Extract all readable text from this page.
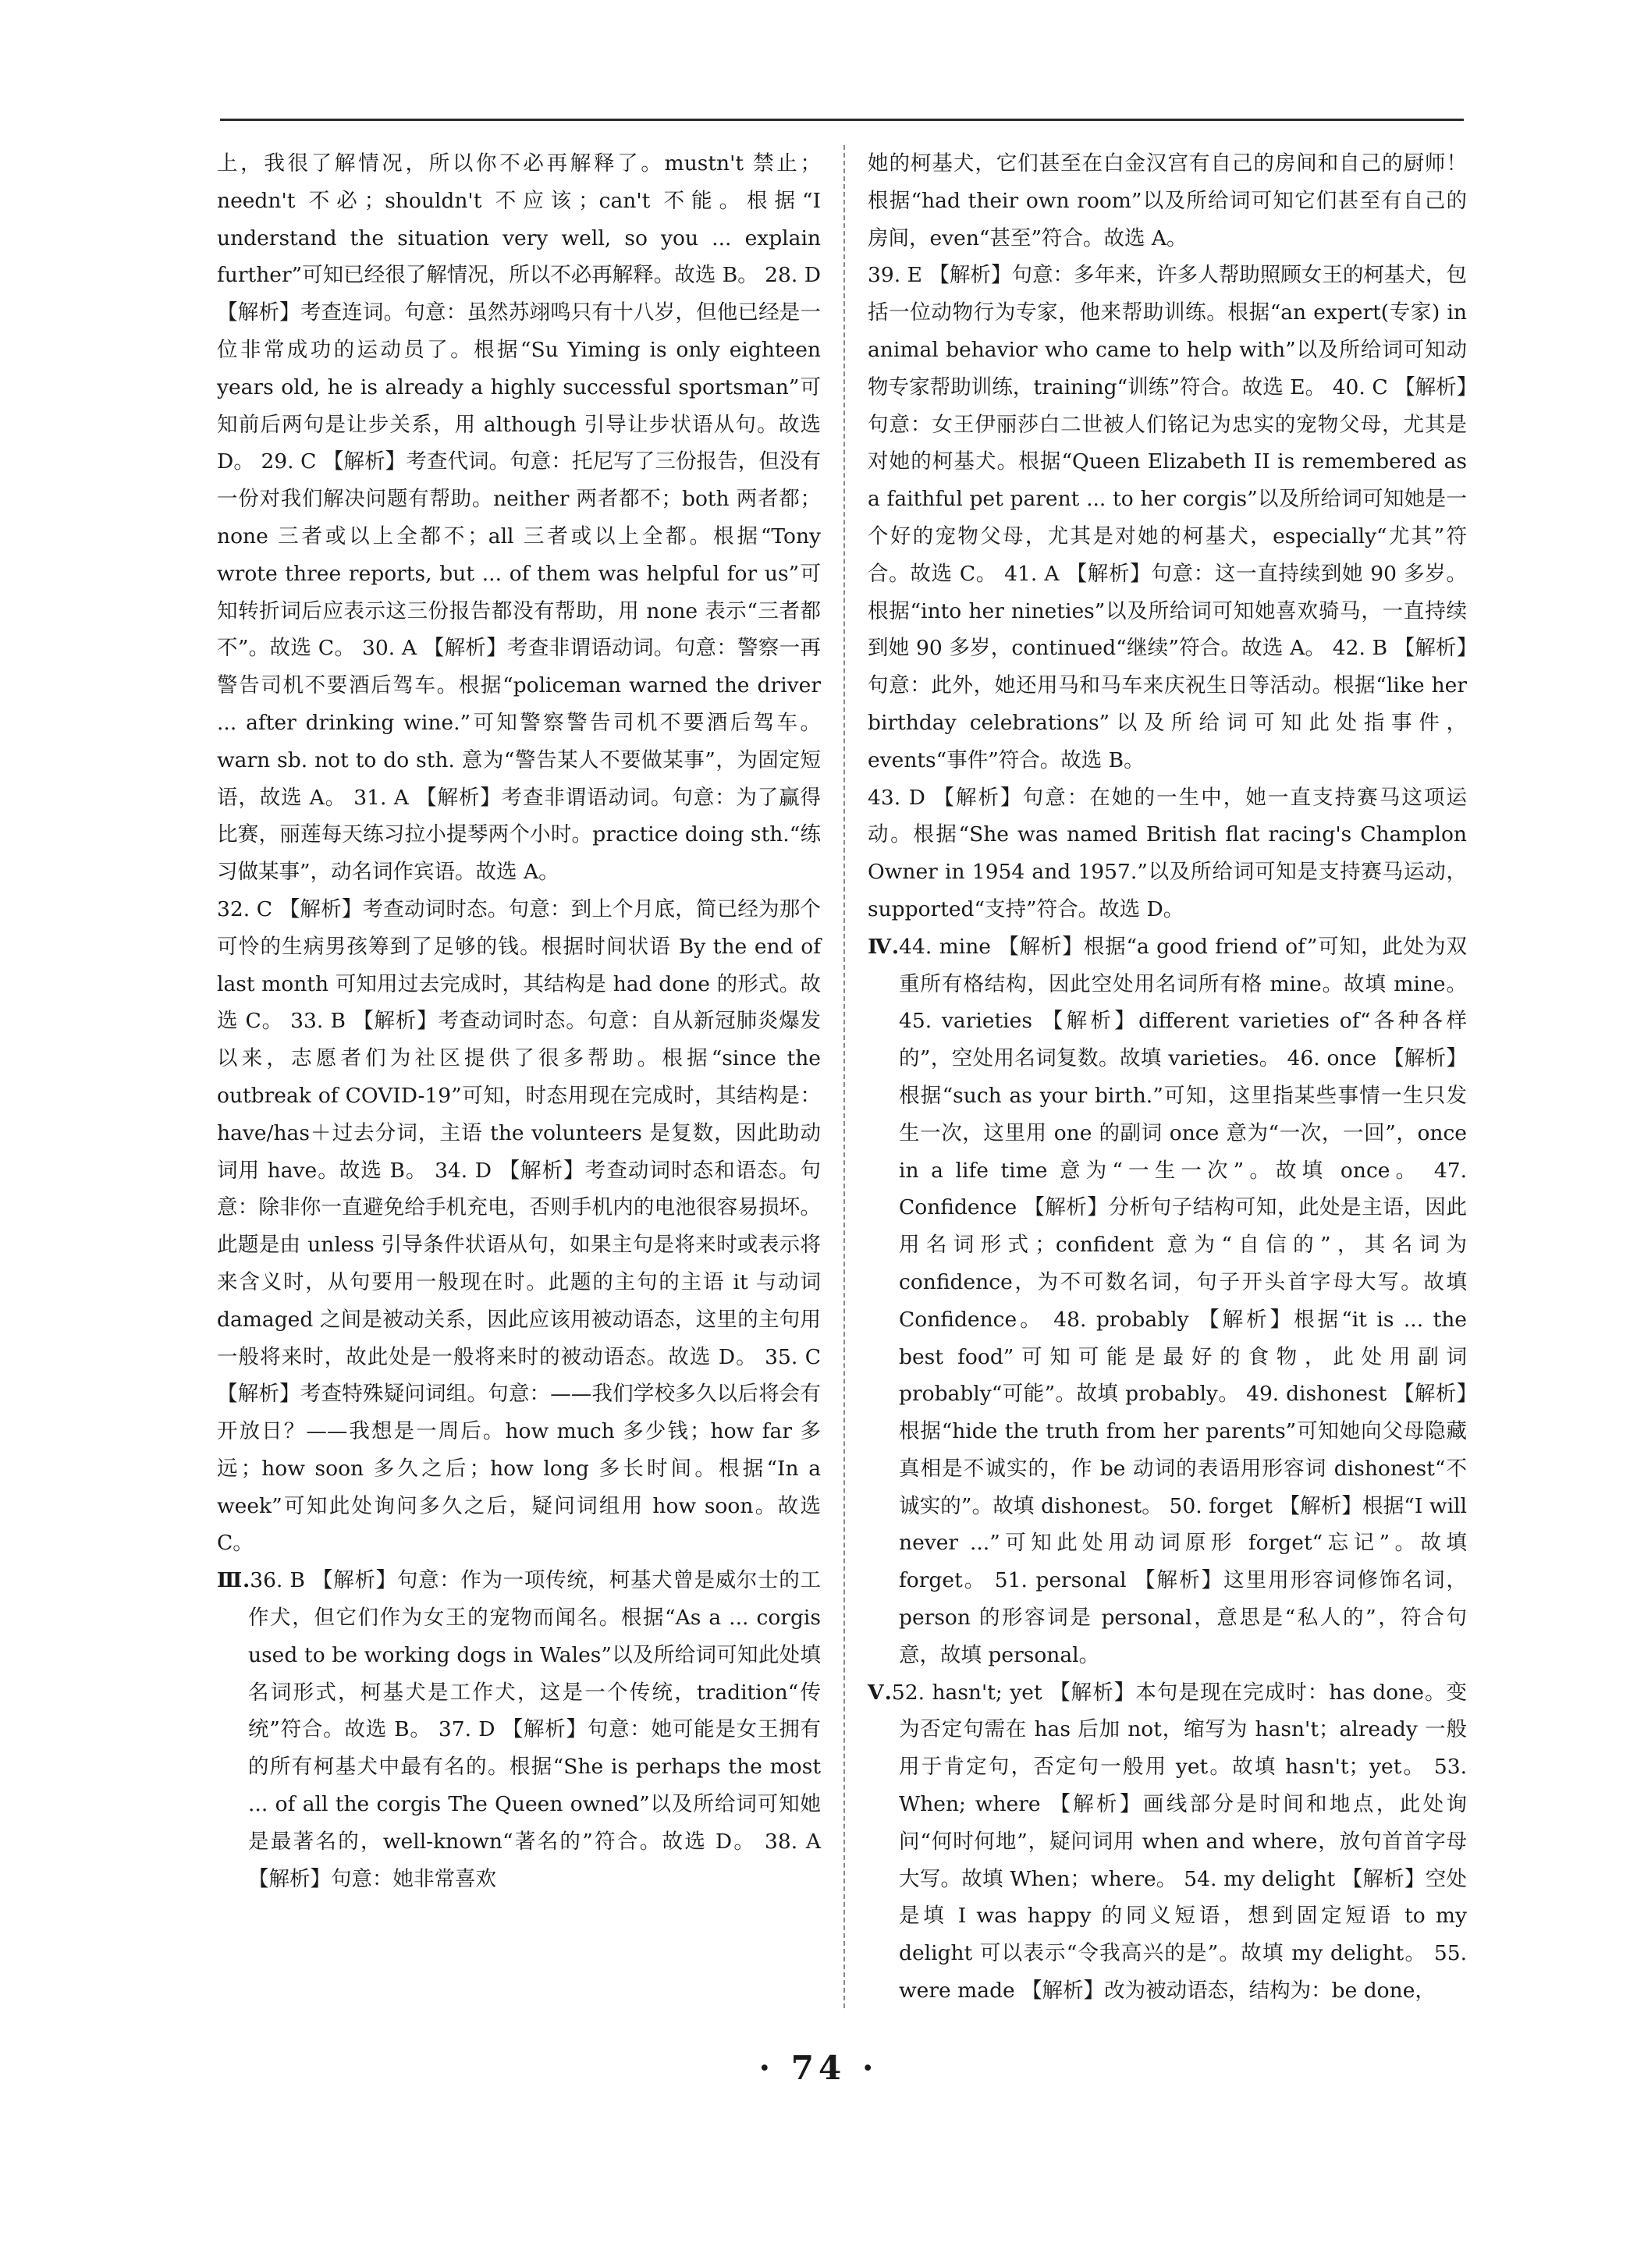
上，我很了解情况，所以你不必再解释了。mustn't 禁止；needn't 不必；shouldn't 不应该；can't 不能。根据“I understand the situation very well, so you ... explain further”可知已经很了解情况，所以不必再解释。故选 B。 28. D 【解析】考查连词。句意：虽然苏翊鸣只有十八岁，但他已经是一位非常成功的运动员了。根据“Su Yiming is only eighteen years old, he is already a highly successful sportsman”可知前后两句是让步关系，用 although 引导让步状语从句。故选 D。 29. C 【解析】考查代词。句意：托尼写了三份报告，但没有一份对我们解决问题有帮助。neither 两者都不；both 两者都；none 三者或以上全都不；all 三者或以上全都。根据“Tony wrote three reports, but ... of them was helpful for us”可知转折词后应表示这三份报告都没有帮助，用 none 表示“三者都不”。故选 C。 30. A 【解析】考查非谓语动词。句意：警察一再警告司机不要酒后驾车。根据“policeman warned the driver ... after drinking wine.”可知警察警告司机不要酒后驾车。warn sb. not to do sth. 意为“警告某人不要做某事”，为固定短语，故选 A。 31. A 【解析】考查非谓语动词。句意：为了赢得比赛，丽莲每天练习拉小提琴两个小时。practice doing sth.“练习做某事”，动名词作宾语。故选 A。

32. C 【解析】考查动词时态。句意：到上个月底，简已经为那个可怜的生病男孩筹到了足够的钱。根据时间状语 By the end of last month 可知用过去完成时，其结构是 had done 的形式。故选 C。 33. B 【解析】考查动词时态。句意：自从新冠肺炎爆发以来，志愿者们为社区提供了很多帮助。根据“since the outbreak of COVID-19”可知，时态用现在完成时，其结构是：have/has＋过去分词，主语 the volunteers 是复数，因此助动词用 have。故选 B。 34. D 【解析】考查动词时态和语态。句意：除非你一直避免给手机充电，否则手机内的电池很容易损坏。此题是由 unless 引导条件状语从句，如果主句是将来时或表示将来含义时，从句要用一般现在时。此题的主句的主语 it 与动词 damaged 之间是被动关系，因此应该用被动语态，这里的主句用一般将来时，故此处是一般将来时的被动语态。故选 D。 35. C 【解析】考查特殊疑问词组。句意：——我们学校多久以后将会有开放日？——我想是一周后。how much 多少钱；how far 多远；how soon 多久之后；how long 多长时间。根据“In a week”可知此处询问多久之后，疑问词组用 how soon。故选 C。

Ⅲ.36. B 【解析】句意：作为一项传统，柯基犬曾是威尔士的工作犬，但它们作为女王的宠物而闻名。根据“As a ... corgis used to be working dogs in Wales”以及所给词可知此处填名词形式，柯基犬是工作犬，这是一个传统，tradition“传统”符合。故选 B。 37. D 【解析】句意：她可能是女王拥有的所有柯基犬中最有名的。根据“She is perhaps the most ... of all the corgis The Queen owned”以及所给词可知她是最著名的，well-known“著名的”符合。故选 D。 38. A 【解析】句意：她非常喜欢

她的柯基犬，它们甚至在白金汉宫有自己的房间和自己的厨师！根据“had their own room”以及所给词可知它们甚至有自己的房间，even“甚至”符合。故选 A。

39. E 【解析】句意：多年来，许多人帮助照顾女王的柯基犬，包括一位动物行为专家，他来帮助训练。根据“an expert(专家) in animal behavior who came to help with”以及所给词可知动物专家帮助训练，training“训练”符合。故选 E。 40. C 【解析】句意：女王伊丽莎白二世被人们铭记为忠实的宠物父母，尤其是对她的柯基犬。根据“Queen Elizabeth II is remembered as a faithful pet parent ... to her corgis”以及所给词可知她是一个好的宠物父母，尤其是对她的柯基犬，especially“尤其”符合。故选 C。 41. A 【解析】句意：这一直持续到她 90 多岁。根据“into her nineties”以及所给词可知她喜欢骑马，一直持续到她 90 多岁，continued“继续”符合。故选 A。 42. B 【解析】句意：此外，她还用马和马车来庆祝生日等活动。根据“like her birthday celebrations”以及所给词可知此处指事件，events“事件”符合。故选 B。

43. D 【解析】句意：在她的一生中，她一直支持赛马这项运动。根据“She was named British flat racing's Champlon Owner in 1954 and 1957.”以及所给词可知是支持赛马运动，supported“支持”符合。故选 D。

Ⅳ.44. mine 【解析】根据“a good friend of”可知，此处为双重所有格结构，因此空处用名词所有格 mine。故填 mine。 45. varieties 【解析】different varieties of“各种各样的”，空处用名词复数。故填 varieties。 46. once 【解析】根据“such as your birth.”可知，这里指某些事情一生只发生一次，这里用 one 的副词 once 意为“一次，一回”，once in a life time 意为“一生一次”。故填 once。 47. Confidence 【解析】分析句子结构可知，此处是主语，因此用名词形式；confident 意为“自信的”，其名词为 confidence，为不可数名词，句子开头首字母大写。故填 Confidence。 48. probably 【解析】根据“it is ... the best food”可知可能是最好的食物，此处用副词 probably“可能”。故填 probably。 49. dishonest 【解析】根据“hide the truth from her parents”可知她向父母隐藏真相是不诚实的，作 be 动词的表语用形容词 dishonest“不诚实的”。故填 dishonest。 50. forget 【解析】根据“I will never ...”可知此处用动词原形 forget“忘记”。故填 forget。 51. personal 【解析】这里用形容词修饰名词，person 的形容词是 personal，意思是“私人的”，符合句意，故填 personal。

Ⅴ.52. hasn't; yet 【解析】本句是现在完成时：has done。变为否定句需在 has 后加 not，缩写为 hasn't；already 一般用于肯定句，否定句一般用 yet。故填 hasn't；yet。 53. When; where 【解析】画线部分是时间和地点，此处询问“何时何地”，疑问词用 when and where，放句首首字母大写。故填 When；where。 54. my delight 【解析】空处是填 I was happy 的同义短语，想到固定短语 to my delight 可以表示“令我高兴的是”。故填 my delight。 55. were made 【解析】改为被动语态，结构为：be done，

· 74 ·
